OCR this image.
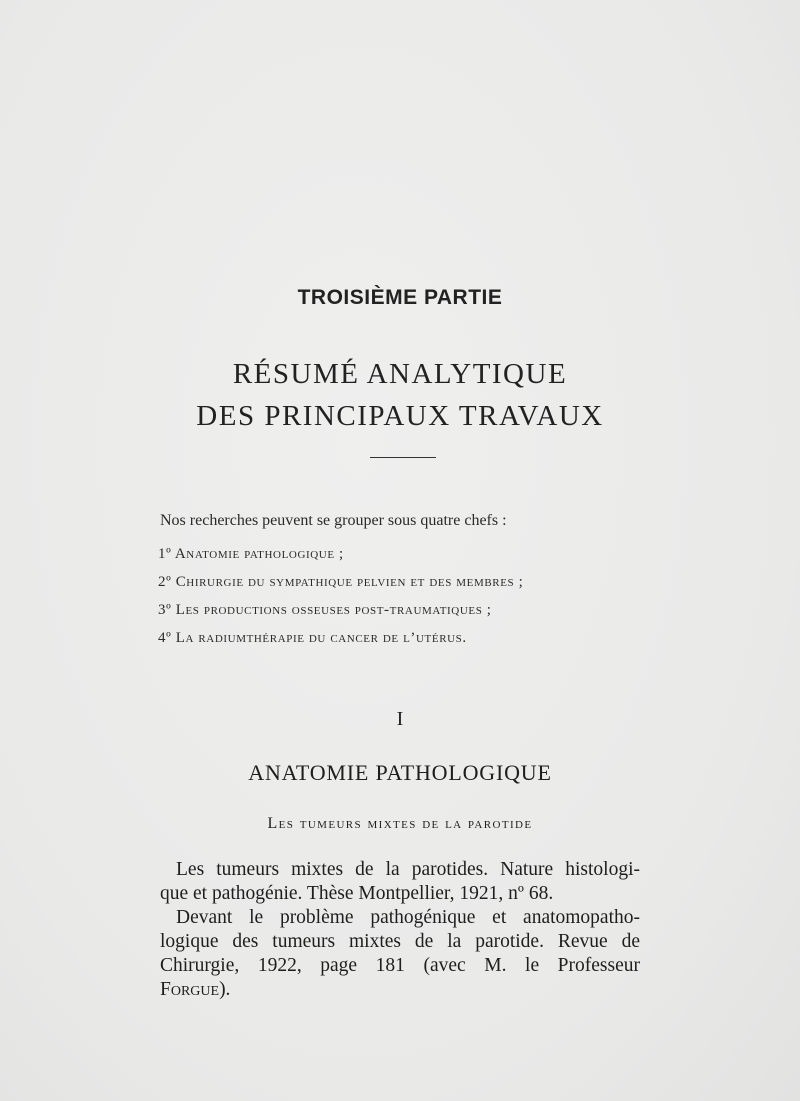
TROISIÈME PARTIE
RÉSUMÉ ANALYTIQUE
DES PRINCIPAUX TRAVAUX
Nos recherches peuvent se grouper sous quatre chefs :
1º Anatomie pathologique ;
2º Chirurgie du sympathique pelvien et des membres ;
3º Les productions osseuses post-traumatiques ;
4º La radiumthérapie du cancer de l’utérus.
I
ANATOMIE PATHOLOGIQUE
Les tumeurs mixtes de la parotide
Les tumeurs mixtes de la parotides. Nature histologi-
que et pathogénie. Thèse Montpellier, 1921, nº 68.
Devant le problème pathogénique et anatomopatho-
logique des tumeurs mixtes de la parotide. Revue de
Chirurgie, 1922, page 181 (avec M. le Professeur
Forgue).
